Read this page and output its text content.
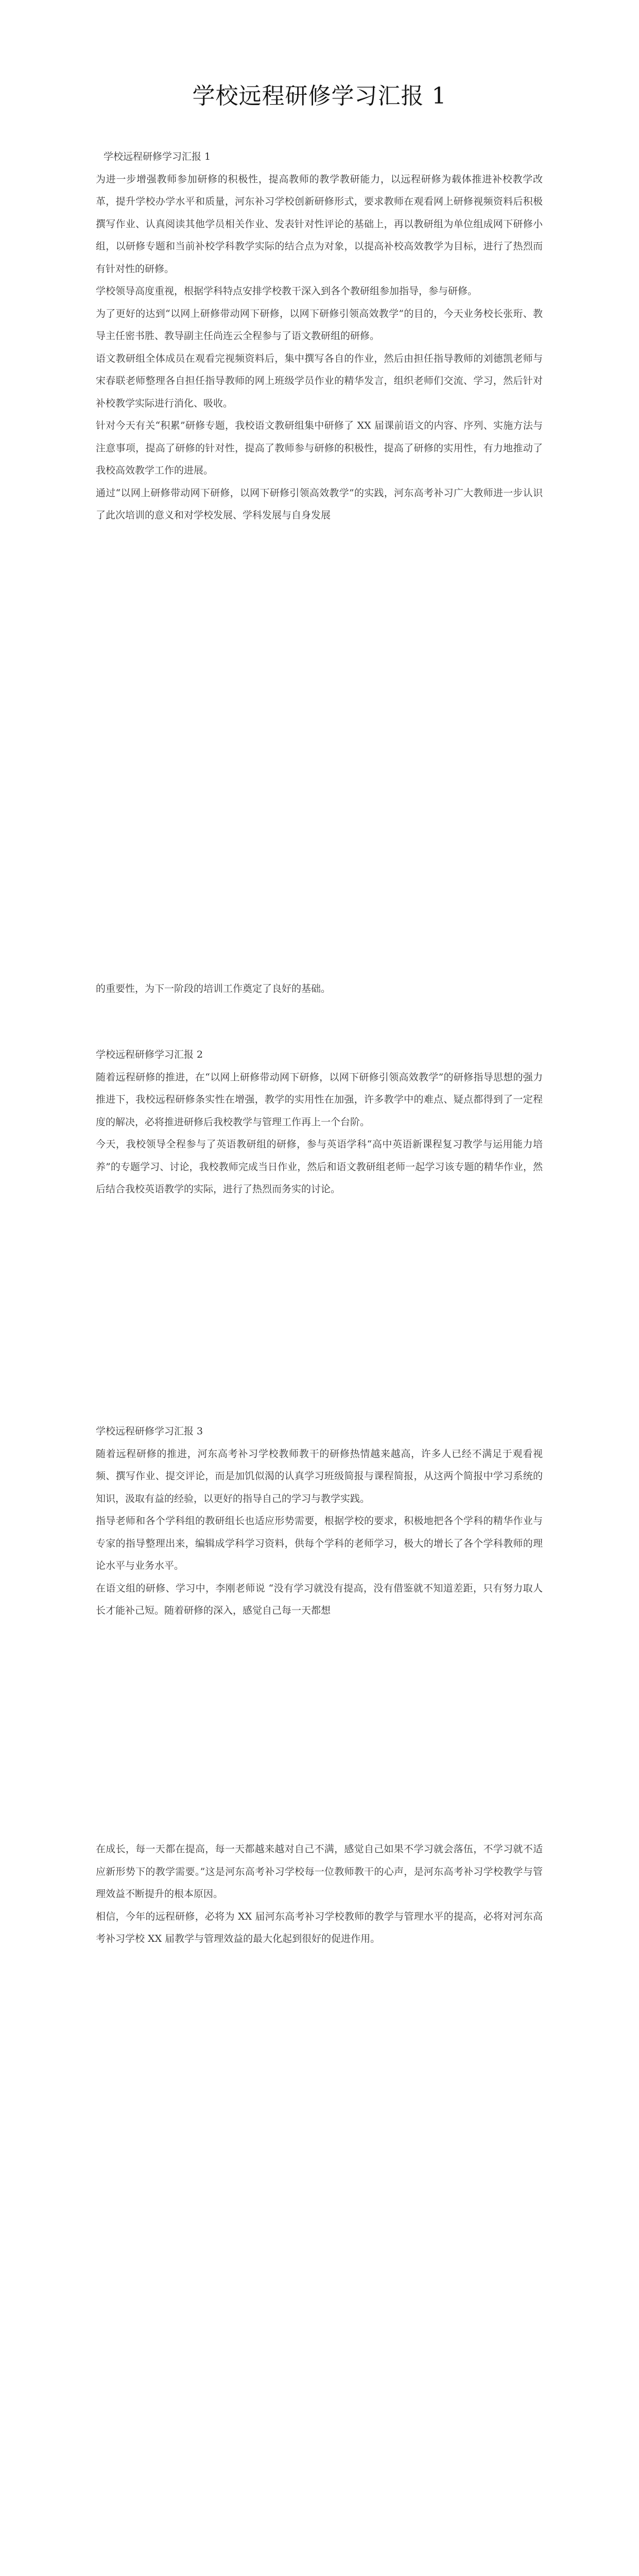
学校远程研修学习汇报 1

学校远程研修学习汇报 1

为进一步增强教师参加研修的积极性，提高教师的教学教研能力，以远程研修为载体推进补校教学改革，提升学校办学水平和质量，河东补习学校创新研修形式，要求教师在观看网上研修视频资料后积极撰写作业、认真阅读其他学员相关作业、发表针对性评论的基础上，再以教研组为单位组成网下研修小组，以研修专题和当前补校学科教学实际的结合点为对象，以提高补校高效教学为目标，进行了热烈而有针对性的研修。

学校领导高度重视，根据学科特点安排学校教干深入到各个教研组参加指导，参与研修。

为了更好的达到“以网上研修带动网下研修，以网下研修引领高效教学”的目的，今天业务校长张珩、教导主任密书胜、教导副主任尚连云全程参与了语文教研组的研修。

语文教研组全体成员在观看完视频资料后，集中撰写各自的作业，然后由担任指导教师的刘德凯老师与宋春联老师整理各自担任指导教师的网上班级学员作业的精华发言，组织老师们交流、学习，然后针对补校教学实际进行消化、吸收。

针对今天有关“积累”研修专题，我校语文教研组集中研修了 XX 届课前语文的内容、序列、实施方法与注意事项，提高了研修的针对性，提高了教师参与研修的积极性，提高了研修的实用性，有力地推动了我校高效教学工作的进展。

通过“以网上研修带动网下研修，以网下研修引领高效教学”的实践，河东高考补习广大教师进一步认识了此次培训的意义和对学校发展、学科发展与自身发展

的重要性，为下一阶段的培训工作奠定了良好的基础。

学校远程研修学习汇报 2

随着远程研修的推进，在“以网上研修带动网下研修，以网下研修引领高效教学”的研修指导思想的强力推进下，我校远程研修条实性在增强，教学的实用性在加强，许多教学中的难点、疑点都得到了一定程度的解决，必将推进研修后我校教学与管理工作再上一个台阶。

今天，我校领导全程参与了英语教研组的研修，参与英语学科“高中英语新课程复习教学与运用能力培养”的专题学习、讨论，我校教师完成当日作业，然后和语文教研组老师一起学习该专题的精华作业，然后结合我校英语教学的实际，进行了热烈而务实的讨论。

学校远程研修学习汇报 3

随着远程研修的推进，河东高考补习学校教师教干的研修热情越来越高，许多人已经不满足于观看视频、撰写作业、提交评论，而是加饥似渴的认真学习班级简报与课程简报，从这两个简报中学习系统的知识，汲取有益的经验，以更好的指导自己的学习与教学实践。

指导老师和各个学科组的教研组长也适应形势需要，根据学校的要求，积极地把各个学科的精华作业与专家的指导整理出来，编辑成学科学习资料，供每个学科的老师学习，极大的增长了各个学科教师的理论水平与业务水平。

在语文组的研修、学习中，李刚老师说 “没有学习就没有提高，没有借鉴就不知道差距，只有努力取人长才能补己短。随着研修的深入，感觉自己每一天都想

在成长，每一天都在提高，每一天都越来越对自己不满，感觉自己如果不学习就会落伍，不学习就不适应新形势下的教学需要。”这是河东高考补习学校每一位教师教干的心声，是河东高考补习学校教学与管理效益不断提升的根本原因。

相信，今年的远程研修，必将为 XX 届河东高考补习学校教师的教学与管理水平的提高，必将对河东高考补习学校 XX 届教学与管理效益的最大化起到很好的促进作用。
